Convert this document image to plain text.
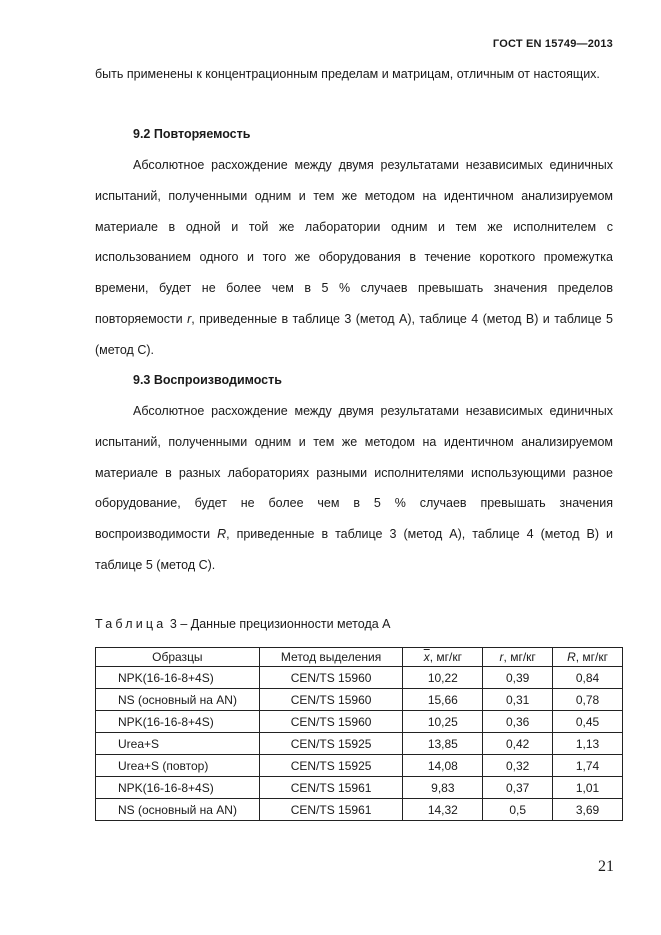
ГОСТ EN 15749—2013

быть применены к концентрационным пределам и матрицам, отличным от настоящих.

9.2 Повторяемость

Абсолютное расхождение между двумя результатами независимых единичных испытаний, полученными одним и тем же методом на идентичном анализируемом материале в одной и той же лаборатории одним и тем же исполнителем с использованием одного и того же оборудования в течение короткого промежутка времени, будет не более чем в 5 % случаев превышать значения пределов повторяемости r, приведенные в таблице 3 (метод А), таблице 4 (метод В) и таблице 5 (метод С).

9.3 Воспроизводимость

Абсолютное расхождение между двумя результатами независимых единичных испытаний, полученными одним и тем же методом на идентичном анализируемом материале в разных лабораториях разными исполнителями использующими разное оборудование, будет не более чем в 5 % случаев превышать значения воспроизводимости R, приведенные в таблице 3 (метод А), таблице 4 (метод В) и таблице 5 (метод С).

Таблица 3 – Данные прецизионности метода А

Образцы	Метод выделения	$\overline{x}$, мг/кг	r, мг/кг	R, мг/кг
NPK(16-16-8+4S)	CEN/TS 15960	10,22	0,39	0,84
NS (основный на AN)	CEN/TS 15960	15,66	0,31	0,78
NPK(16-16-8+4S)	CEN/TS 15960	10,25	0,36	0,45
Urea+S	CEN/TS 15925	13,85	0,42	1,13
Urea+S (повтор)	CEN/TS 15925	14,08	0,32	1,74
NPK(16-16-8+4S)	CEN/TS 15961	9,83	0,37	1,01
NS (основный на AN)	CEN/TS 15961	14,32	0,5	3,69
21
